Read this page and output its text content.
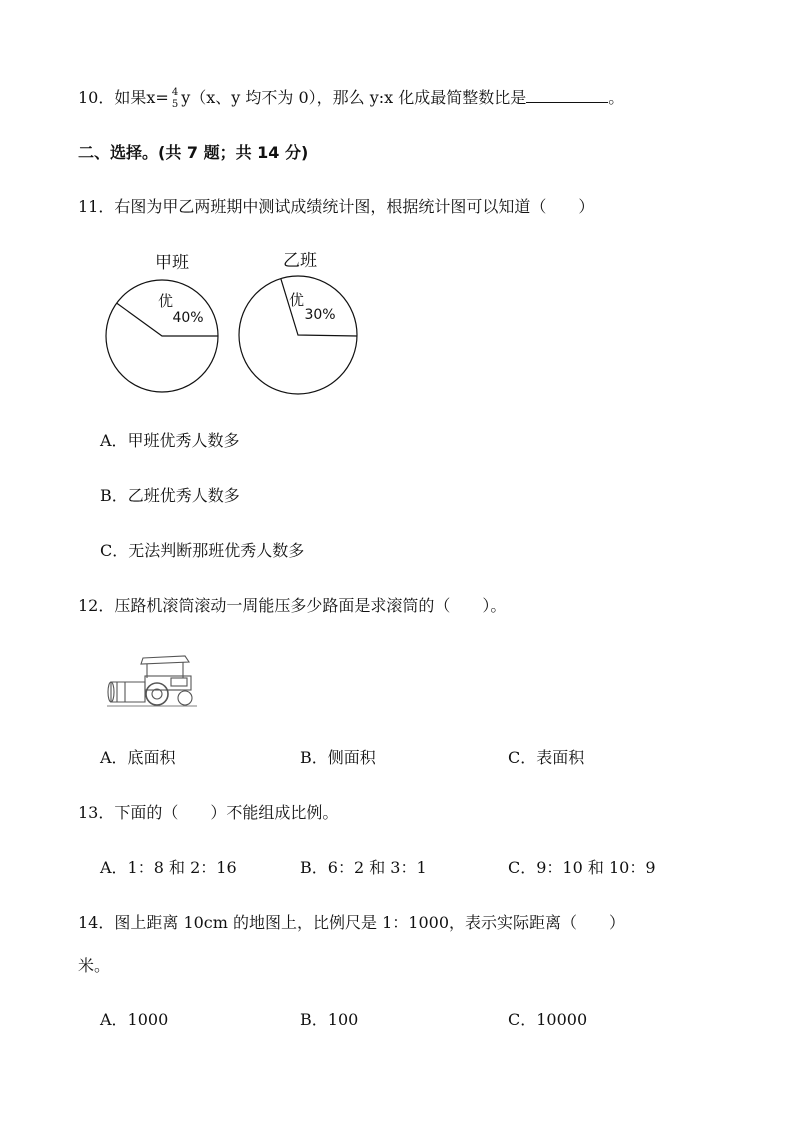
10．如果x= 4
5 y（x、y 均不为 0），那么 y:x 化成最简整数比是	。
二、选择。(共 7 题；共 14 分)
11．右图为甲乙两班期中测试成绩统计图，根据统计图可以知道（　　）
甲班
优
40%
乙班
优
30%
A．甲班优秀人数多
B．乙班优秀人数多
C．无法判断那班优秀人数多
12．压路机滚筒滚动一周能压多少路面是求滚筒的（　　）。
A．底面积	B．侧面积	C．表面积
13．下面的（　　）不能组成比例。
A．1：8 和 2：16	B．6：2 和 3：1	C．9：10 和 10：9
14．图上距离 10cm 的地图上，比例尺是 1：1000，表示实际距离（　　）
米。
A．1000	B．100	C．10000
